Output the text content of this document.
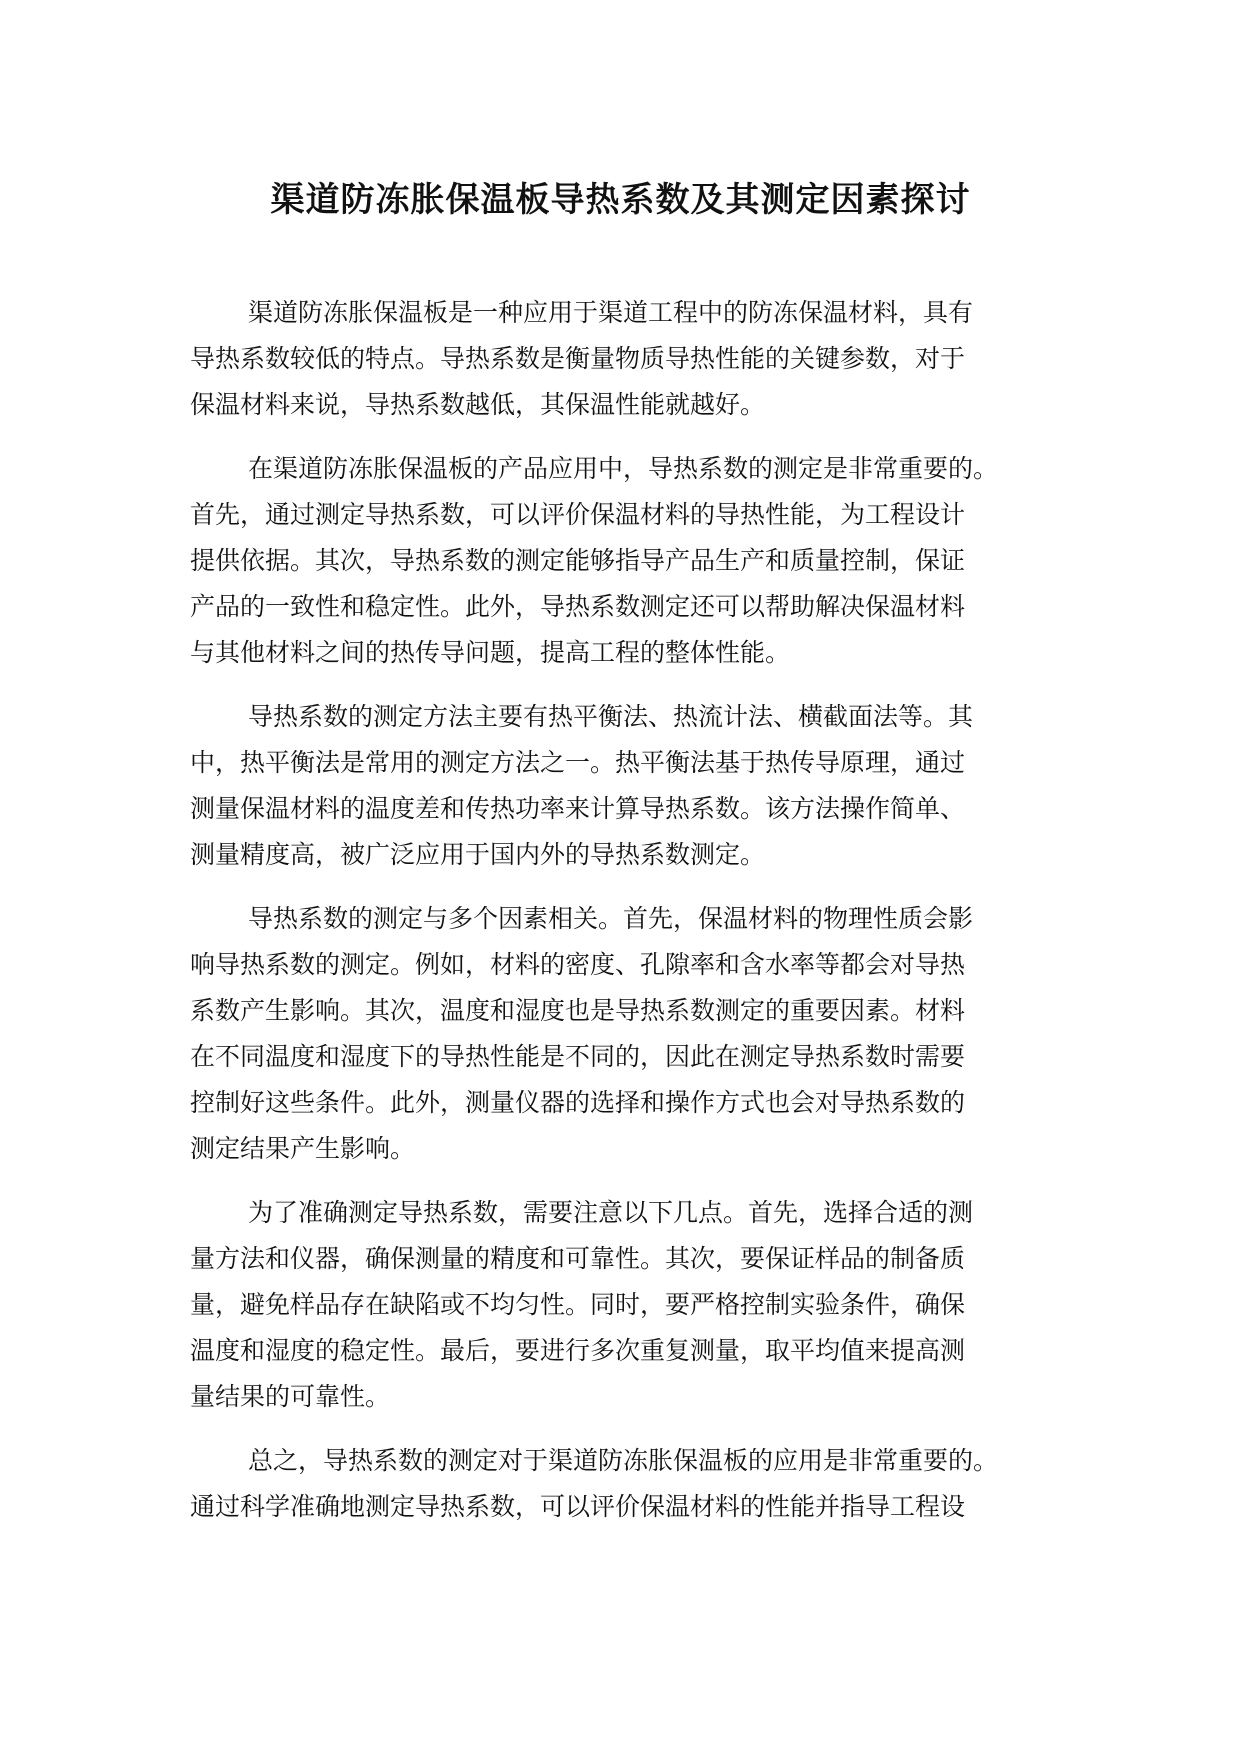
渠道防冻胀保温板导热系数及其测定因素探讨
渠道防冻胀保温板是一种应用于渠道工程中的防冻保温材料，具有
导热系数较低的特点。导热系数是衡量物质导热性能的关键参数，对于
保温材料来说，导热系数越低，其保温性能就越好。
在渠道防冻胀保温板的产品应用中，导热系数的测定是非常重要的。
首先，通过测定导热系数，可以评价保温材料的导热性能，为工程设计
提供依据。其次，导热系数的测定能够指导产品生产和质量控制，保证
产品的一致性和稳定性。此外，导热系数测定还可以帮助解决保温材料
与其他材料之间的热传导问题，提高工程的整体性能。
导热系数的测定方法主要有热平衡法、热流计法、横截面法等。其
中，热平衡法是常用的测定方法之一。热平衡法基于热传导原理，通过
测量保温材料的温度差和传热功率来计算导热系数。该方法操作简单、
测量精度高，被广泛应用于国内外的导热系数测定。
导热系数的测定与多个因素相关。首先，保温材料的物理性质会影
响导热系数的测定。例如，材料的密度、孔隙率和含水率等都会对导热
系数产生影响。其次，温度和湿度也是导热系数测定的重要因素。材料
在不同温度和湿度下的导热性能是不同的，因此在测定导热系数时需要
控制好这些条件。此外，测量仪器的选择和操作方式也会对导热系数的
测定结果产生影响。
为了准确测定导热系数，需要注意以下几点。首先，选择合适的测
量方法和仪器，确保测量的精度和可靠性。其次，要保证样品的制备质
量，避免样品存在缺陷或不均匀性。同时，要严格控制实验条件，确保
温度和湿度的稳定性。最后，要进行多次重复测量，取平均值来提高测
量结果的可靠性。
总之，导热系数的测定对于渠道防冻胀保温板的应用是非常重要的。
通过科学准确地测定导热系数，可以评价保温材料的性能并指导工程设
